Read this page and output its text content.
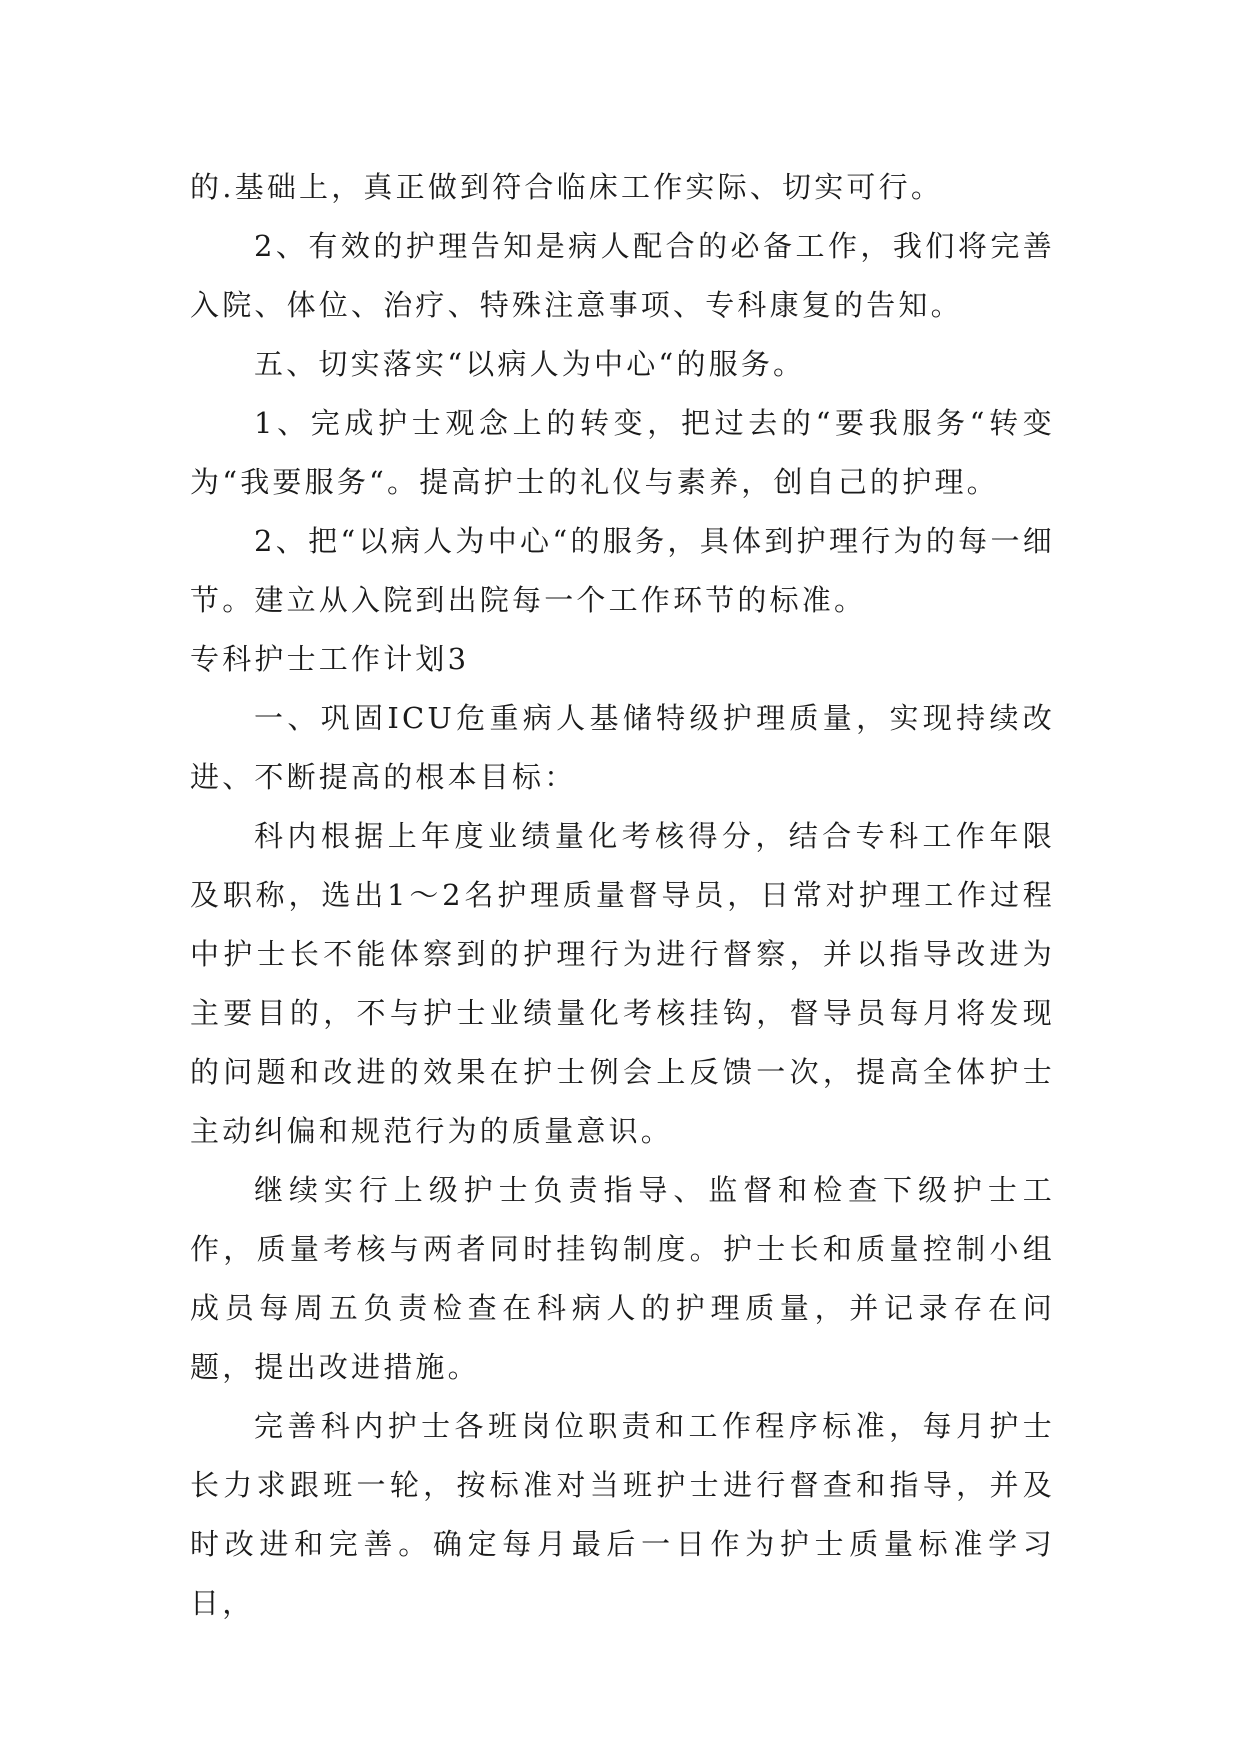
的.基础上，真正做到符合临床工作实际、切实可行。

2、有效的护理告知是病人配合的必备工作，我们将完善入院、体位、治疗、特殊注意事项、专科康复的告知。

五、切实落实“以病人为中心“的服务。

1、完成护士观念上的转变，把过去的“要我服务“转变为“我要服务“。提高护士的礼仪与素养，创自己的护理。

2、把“以病人为中心“的服务，具体到护理行为的每一细节。建立从入院到出院每一个工作环节的标准。

专科护士工作计划3

一、巩固ICU危重病人基储特级护理质量，实现持续改进、不断提高的根本目标：

科内根据上年度业绩量化考核得分，结合专科工作年限及职称，选出1～2名护理质量督导员，日常对护理工作过程中护士长不能体察到的护理行为进行督察，并以指导改进为主要目的，不与护士业绩量化考核挂钩，督导员每月将发现的问题和改进的效果在护士例会上反馈一次，提高全体护士主动纠偏和规范行为的质量意识。

继续实行上级护士负责指导、监督和检查下级护士工作，质量考核与两者同时挂钩制度。护士长和质量控制小组成员每周五负责检查在科病人的护理质量，并记录存在问题，提出改进措施。

完善科内护士各班岗位职责和工作程序标准，每月护士长力求跟班一轮，按标准对当班护士进行督查和指导，并及时改进和完善。确定每月最后一日作为护士质量标准学习日，
